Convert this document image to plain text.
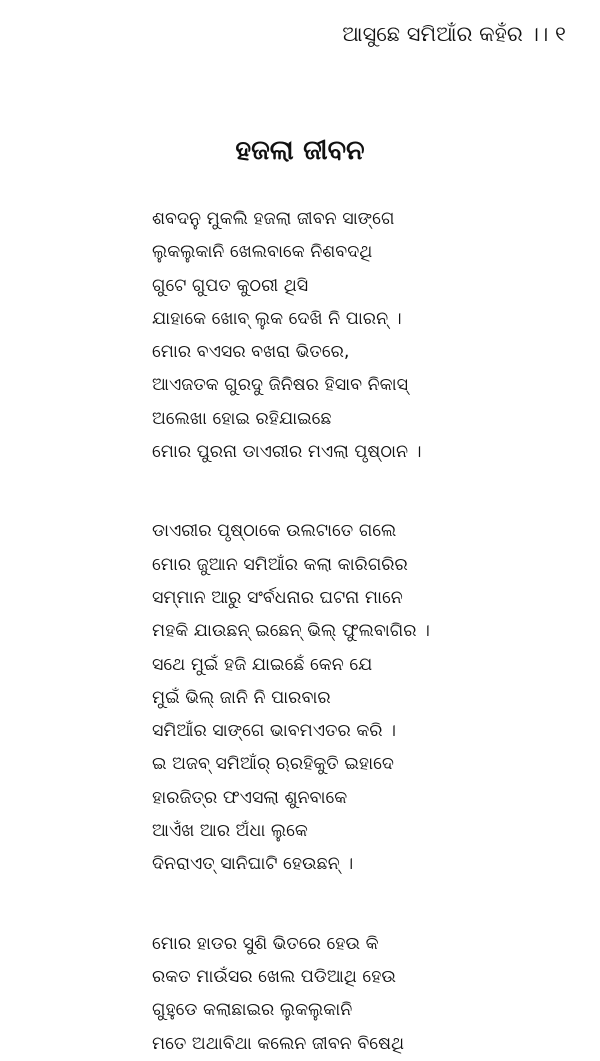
ଆସୁଛେ ସମିଆଁର କହଁର ।। ୧
ହଜଲା ଜୀବନ
ଶବଦନୁ ମୁକଲି ହଜଲା ଜୀବନ ସାଙ୍ଗେ
ଲୁକଲୁକାନି ଖେଲବାକେ ନିଶବଦଥି
ଗୁଟେ ଗୁପତ କୁଠରୀ ଥିସି
ଯାହାକେ ଖୋବ୍ ଲୁକ ଦେଖି ନି ପାରନ୍ ।
ମୋର ବଏସର ବଖରା ଭିତରେ,
ଆଏଜତକ ଗୁରଦୁ ଜିନିଷର ହିସାବ ନିକାସ୍
ଅଲେଖା ହୋଇ ରହିଯାଇଛେ
ମୋର ପୁରନା ଡାଏରୀର ମଏଲା ପୃଷ୍ଠାନ ।
ଡାଏରୀର ପୃଷ୍ଠାକେ ଉଲଟାତେ ଗଲେ
ମୋର ଜୁଆନ ସମିଆଁର କଲା କାରିଗରିର
ସମ୍ମାନ ଆରୁ ସଂର୍ବଧନାର ଘଟନା ମାନେ
ମହକି ଯାଉଛନ୍ ଇଛେନ୍ ଭିଲ୍ ଫୁଲବାଗିର ।
ସଥେ ମୁଇଁ ହଜି ଯାଇଛେଁ କେନ ଯେ
ମୁଇଁ ଭିଲ୍ ଜାନି ନି ପାରବାର
ସମିଆଁର ସାଙ୍ଗେ ଭାବମଏତର କରି ।
ଇ ଅଜବ୍ ସମିଆଁର୍ ଋରହିକୁତି ଇହାଦେ
ହାରଜିତ୍ର ଫଏସଲା ଶୁନବାକେ
ଆଏଁଖ ଆର ଅଁଧା ଲୁକେ
ଦିନରାଏତ୍ ସାନିଘାଟି ହେଉଛନ୍ ।
ମୋର ହାଡର ସୁଶି ଭିତରେ ହେଉ କି
ରକତ ମାଉଁସର ଖେଲ ପଡିଆଥି ହେଉ
ଗୁହୁଡେ କଲାଛାଇର ଲୁକଲୁକାନି
ମତେ ଅଥାବିଥା କଲେନ ଜୀବନ ବିଷେଥି
